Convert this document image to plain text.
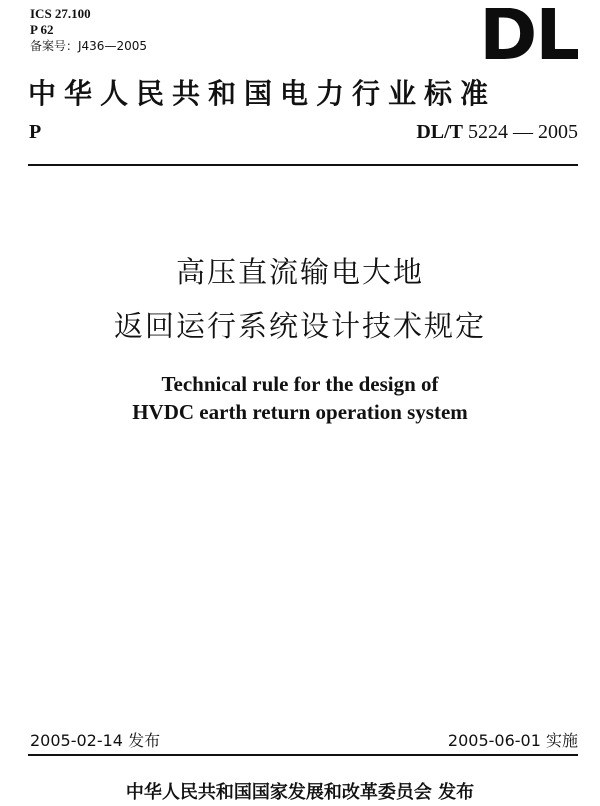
ICS 27.100
P 62
备案号：J436—2005	DL
中华人民共和国电力行业标准
P	DL/T 5224 — 2005
高压直流输电大地
返回运行系统设计技术规定
Technical rule for the design of
HVDC earth return operation system
2005-02-14 发布	2005-06-01 实施
中华人民共和国国家发展和改革委员会 发布
